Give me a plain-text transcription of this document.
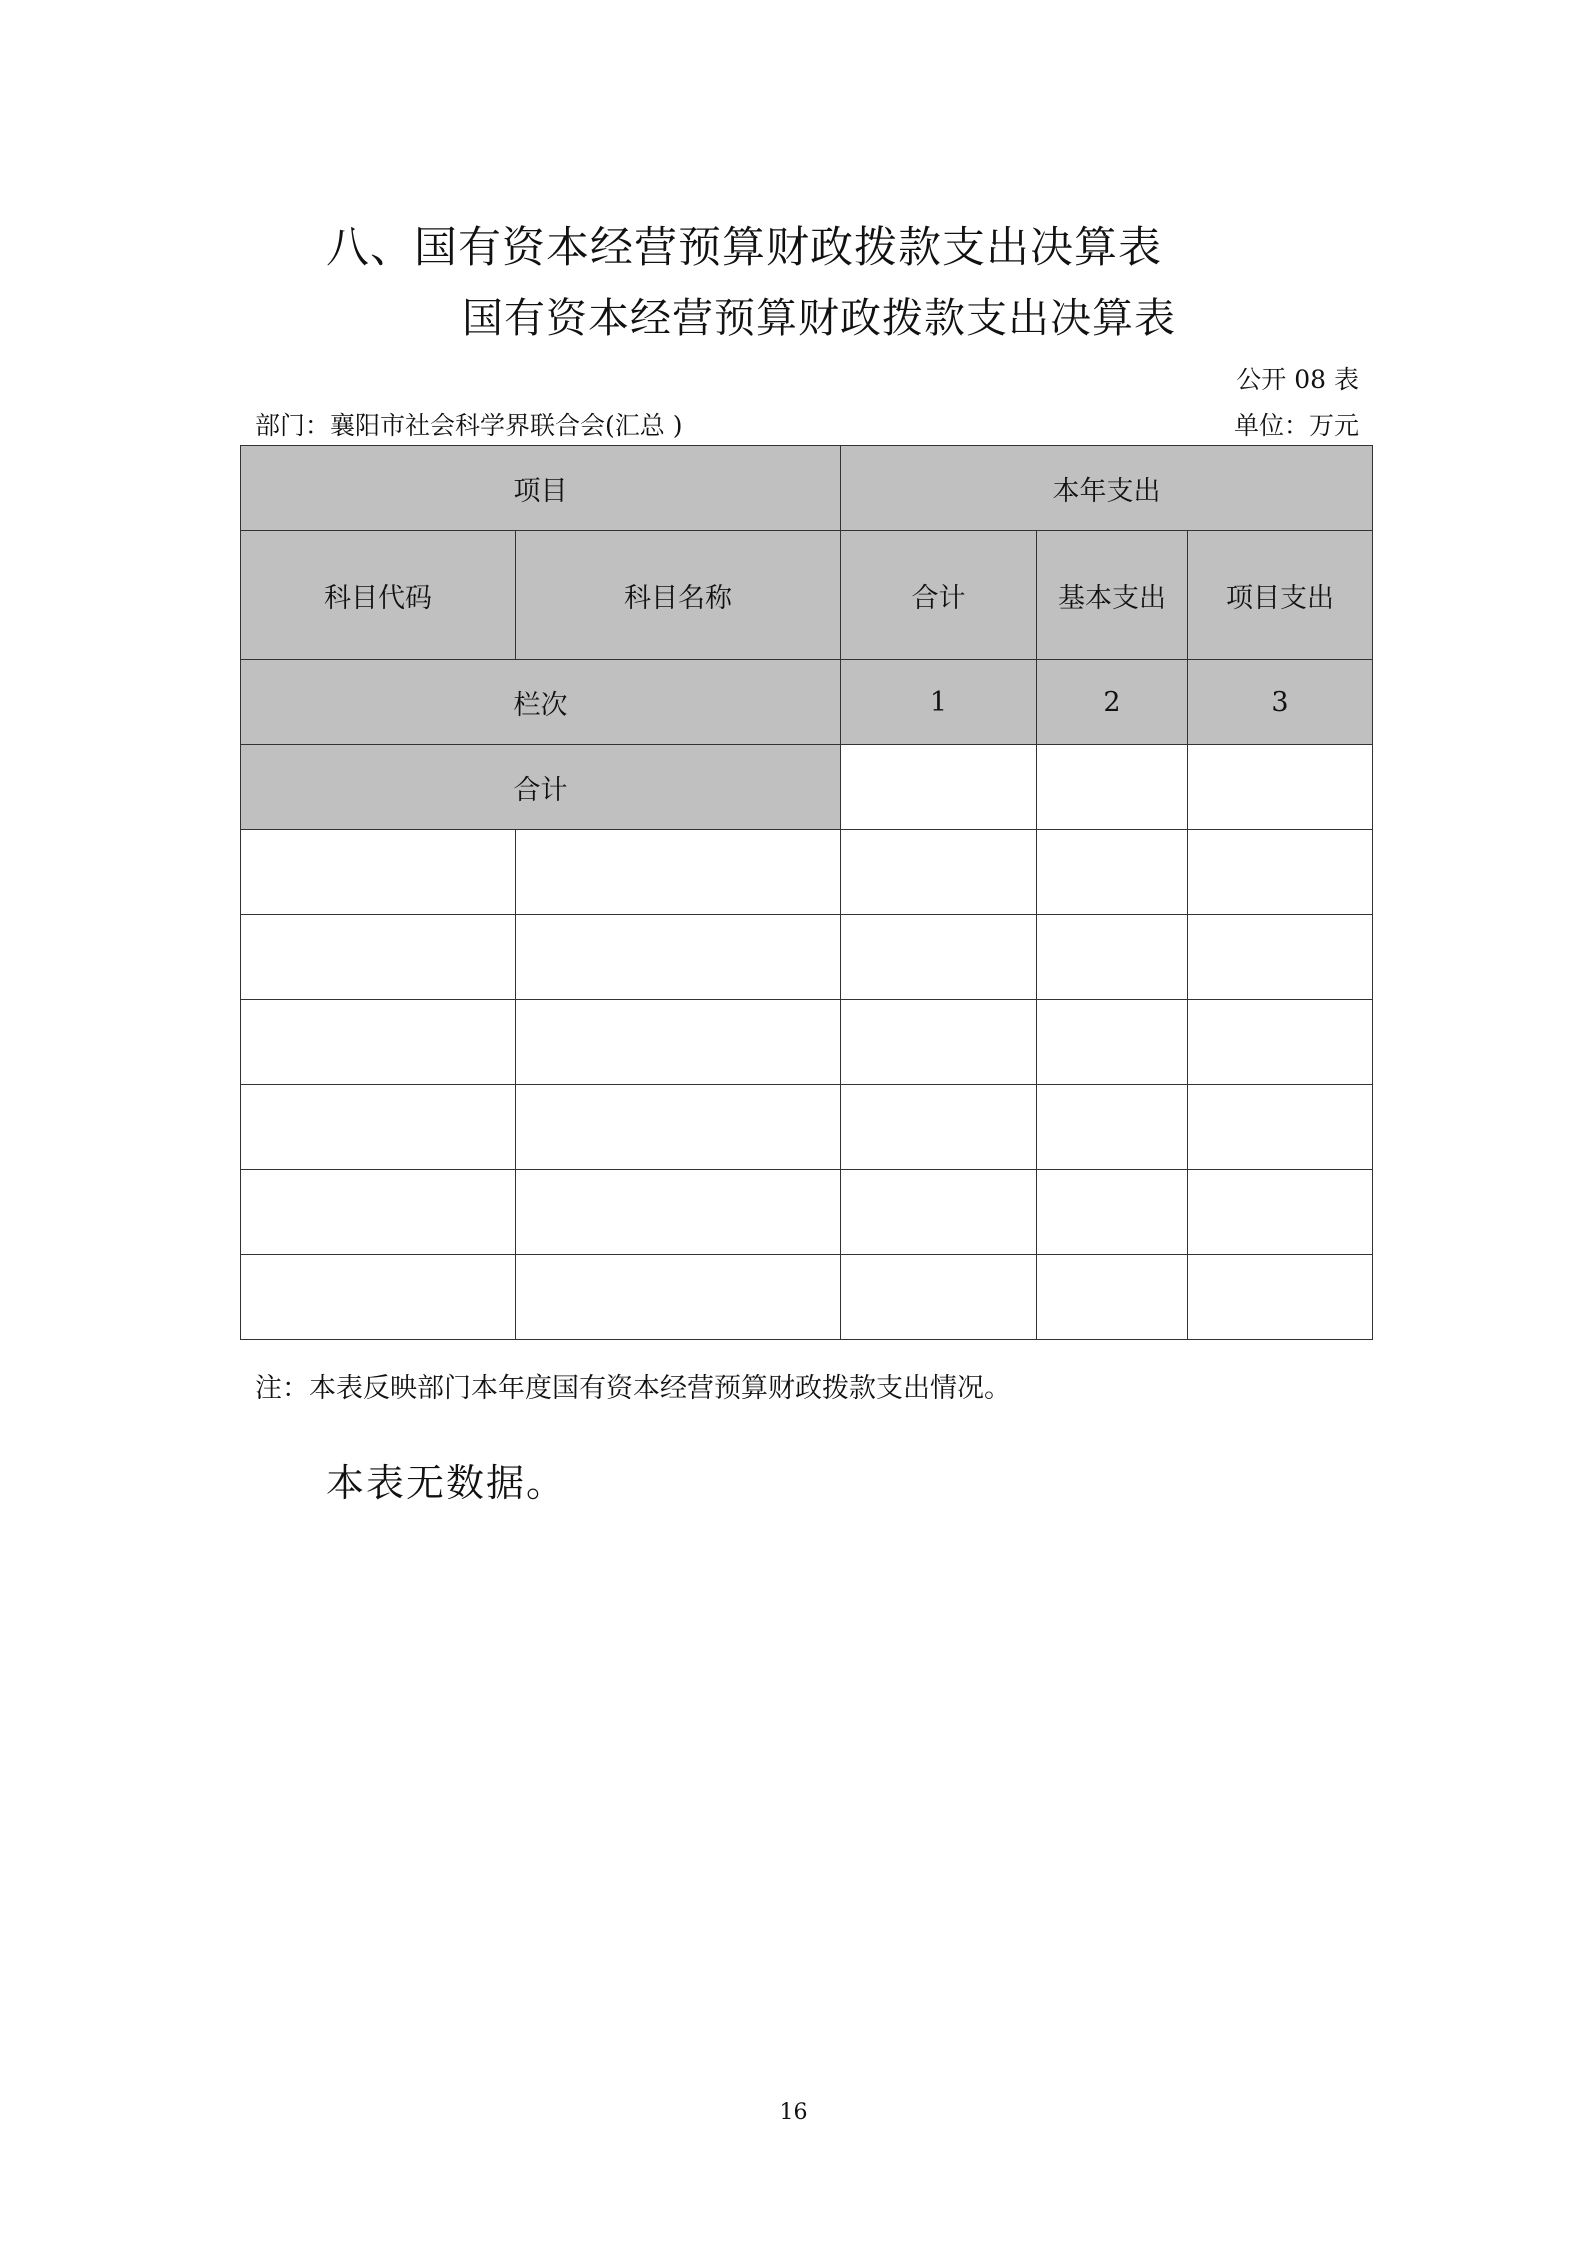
八、国有资本经营预算财政拨款支出决算表
国有资本经营预算财政拨款支出决算表
公开 08 表
部门：襄阳市社会科学界联合会(汇总 )	单位：万元
项目		本年支出		
科目代码	科目名称	合计	基本支出	项目支出
栏次		1	2	3
合计				

注：本表反映部门本年度国有资本经营预算财政拨款支出情况。
本表无数据。
16
